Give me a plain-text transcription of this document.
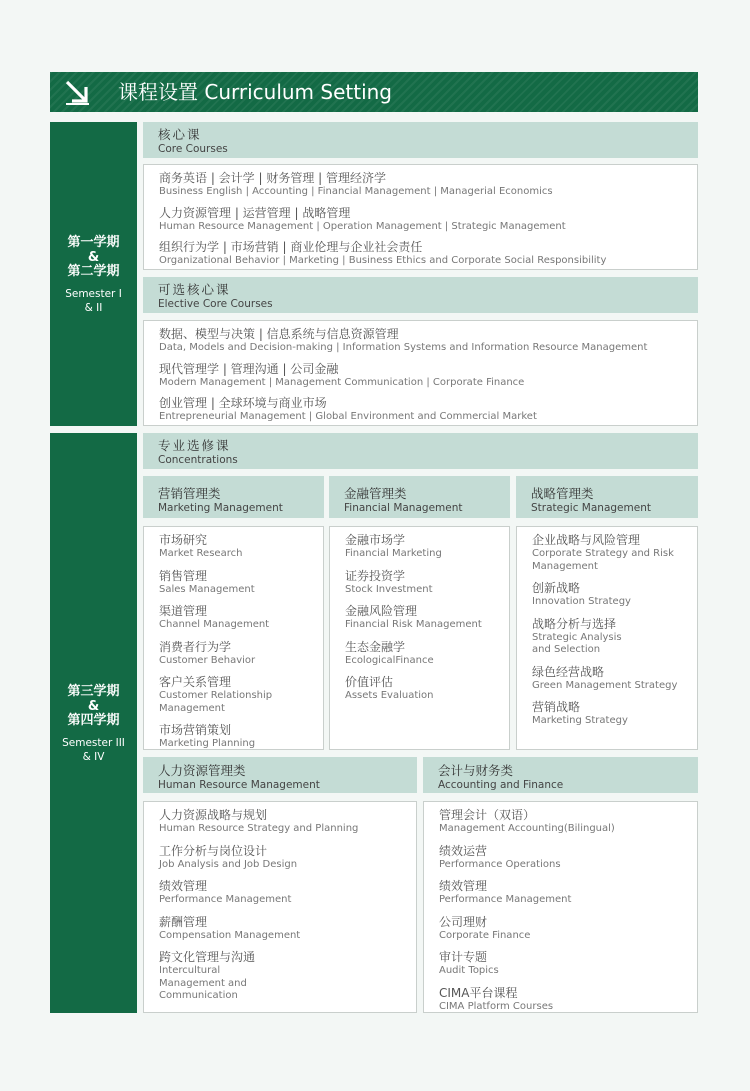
课程设置 Curriculum Setting
第一学期
&
第二学期
Semester I
& II
核心课
Core Courses
商务英语 | 会计学 | 财务管理 | 管理经济学
Business English | Accounting | Financial Management | Managerial Economics
人力资源管理 | 运营管理 | 战略管理
Human Resource Management | Operation Management | Strategic Management
组织行为学 | 市场营销 | 商业伦理与企业社会责任
Organizational Behavior | Marketing | Business Ethics and Corporate Social Responsibility
可选核心课
Elective Core Courses
数据、模型与决策 | 信息系统与信息资源管理
Data, Models and Decision-making | Information Systems and Information Resource Management
现代管理学 | 管理沟通 | 公司金融
Modern Management | Management Communication | Corporate Finance
创业管理 | 全球环境与商业市场
Entrepreneurial Management | Global Environment and Commercial Market
第三学期
&
第四学期
Semester III
& IV
专业选修课
Concentrations
营销管理类
Marketing Management
市场研究
Market Research
销售管理
Sales Management
渠道管理
Channel Management
消费者行为学
Customer Behavior
客户关系管理
Customer Relationship Management
市场营销策划
Marketing Planning
金融管理类
Financial Management
金融市场学
Financial Marketing
证券投资学
Stock Investment
金融风险管理
Financial Risk Management
生态金融学
EcologicalFinance
价值评估
Assets Evaluation
战略管理类
Strategic Management
企业战略与风险管理
Corporate Strategy and Risk Management
创新战略
Innovation Strategy
战略分析与选择
Strategic Analysis and Selection
绿色经营战略
Green Management Strategy
营销战略
Marketing Strategy
人力资源管理类
Human Resource Management
人力资源战略与规划
Human Resource Strategy and Planning
工作分析与岗位设计
Job Analysis and Job Design
绩效管理
Performance Management
薪酬管理
Compensation Management
跨文化管理与沟通
Intercultural Management and Communication
会计与财务类
Accounting and Finance
管理会计（双语）
Management Accounting(Bilingual)
绩效运营
Performance Operations
绩效管理
Performance Management
公司理财
Corporate Finance
审计专题
Audit Topics
CIMA平台课程
CIMA Platform Courses
